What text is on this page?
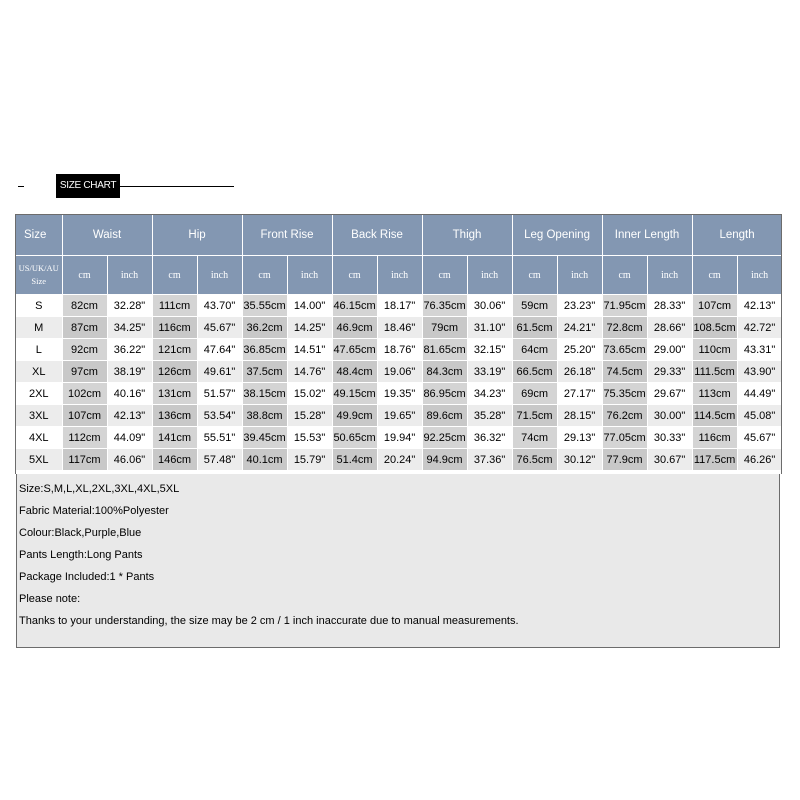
SIZE CHART
Size	Waist		Hip		Front Rise		Back Rise		Thigh		Leg Opening		Inner Length		Length	
US/UK/AU
Size	cm	inch	cm	inch	cm	inch	cm	inch	cm	inch	cm	inch	cm	inch	cm	inch
S	82cm	32.28"	111cm	43.70"	35.55cm	14.00"	46.15cm	18.17"	76.35cm	30.06"	59cm	23.23"	71.95cm	28.33"	107cm	42.13"
M	87cm	34.25"	116cm	45.67"	36.2cm	14.25"	46.9cm	18.46"	79cm	31.10"	61.5cm	24.21"	72.8cm	28.66"	108.5cm	42.72"
L	92cm	36.22"	121cm	47.64"	36.85cm	14.51"	47.65cm	18.76"	81.65cm	32.15"	64cm	25.20"	73.65cm	29.00"	110cm	43.31"
XL	97cm	38.19"	126cm	49.61"	37.5cm	14.76"	48.4cm	19.06"	84.3cm	33.19"	66.5cm	26.18"	74.5cm	29.33"	111.5cm	43.90"
2XL	102cm	40.16"	131cm	51.57"	38.15cm	15.02"	49.15cm	19.35"	86.95cm	34.23"	69cm	27.17"	75.35cm	29.67"	113cm	44.49"
3XL	107cm	42.13"	136cm	53.54"	38.8cm	15.28"	49.9cm	19.65"	89.6cm	35.28"	71.5cm	28.15"	76.2cm	30.00"	114.5cm	45.08"
4XL	112cm	44.09"	141cm	55.51"	39.45cm	15.53"	50.65cm	19.94"	92.25cm	36.32"	74cm	29.13"	77.05cm	30.33"	116cm	45.67"
5XL	117cm	46.06"	146cm	57.48"	40.1cm	15.79"	51.4cm	20.24"	94.9cm	37.36"	76.5cm	30.12"	77.9cm	30.67"	117.5cm	46.26"
Size:S,M,L,XL,2XL,3XL,4XL,5XL
Fabric Material:100%Polyester
Colour:Black,Purple,Blue
Pants Length:Long Pants
Package Included:1 * Pants
Please note:
Thanks to your understanding, the size may be 2 cm / 1 inch inaccurate due to manual measurements.
